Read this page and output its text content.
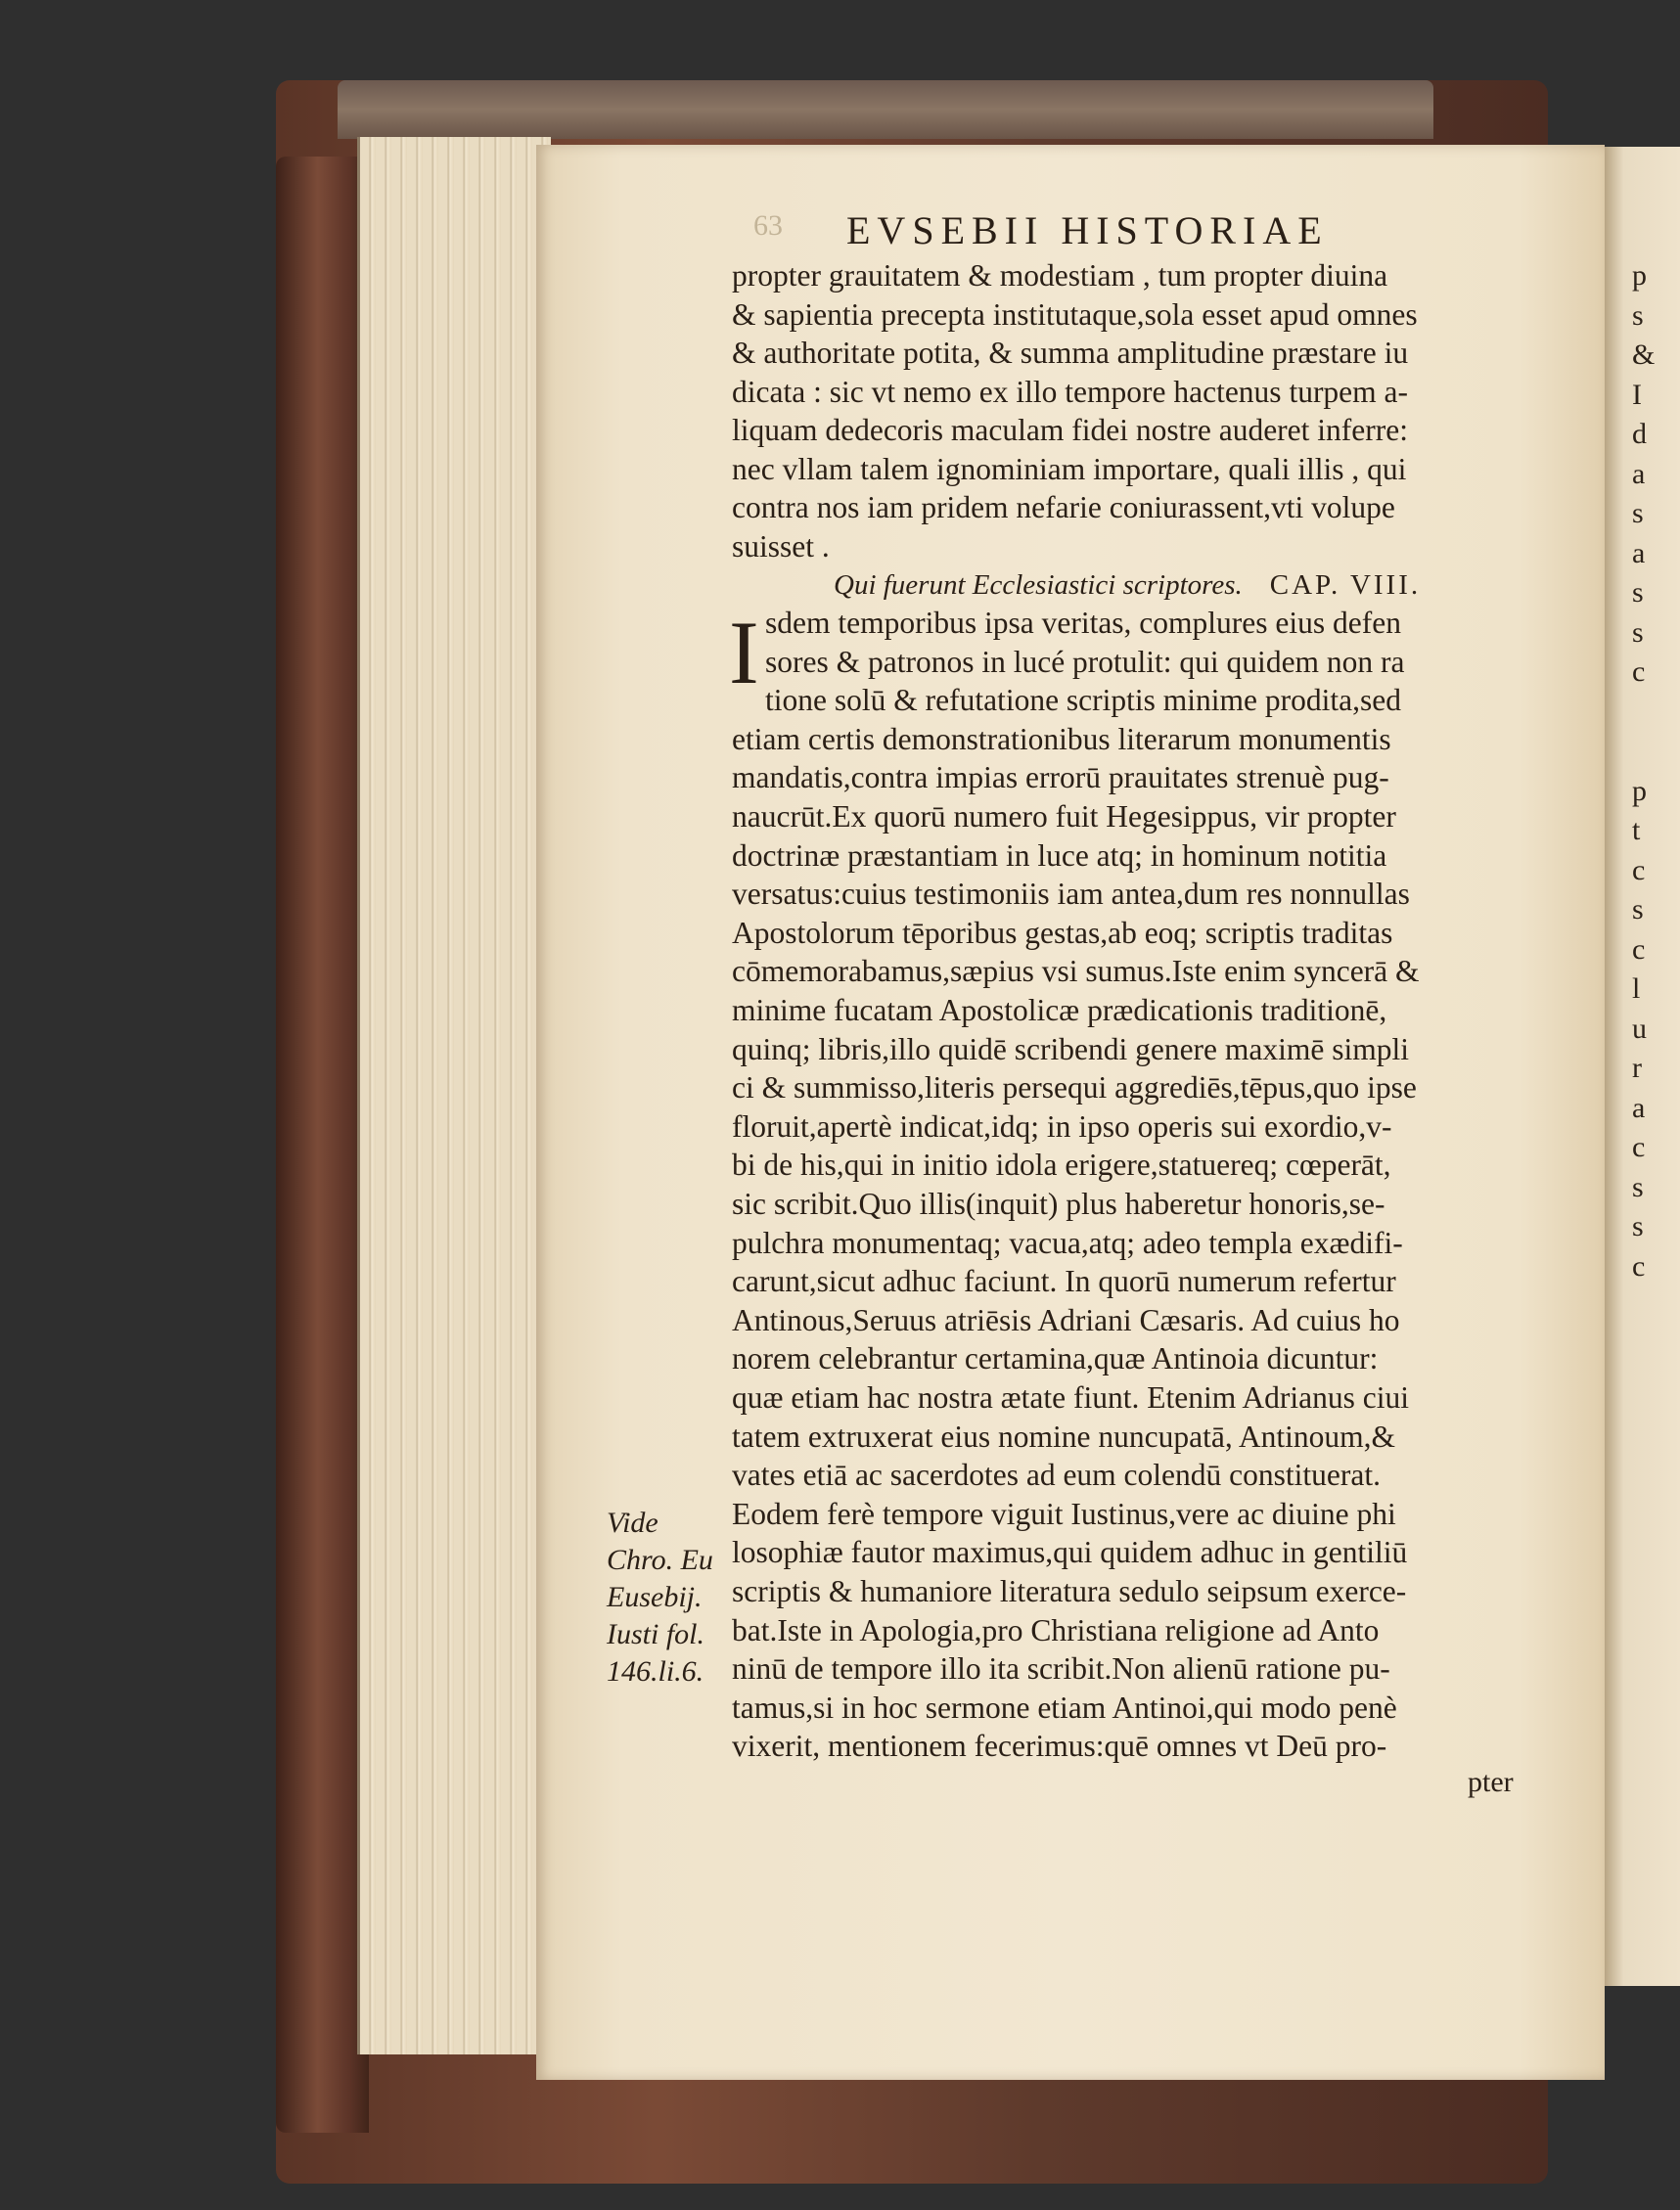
p
s
&
I
d
a
s
a
s
s
c

p
t
c
s
c
l
u
r
a
c
s
s
c
63 EVSEBII HISTORIAE
propter grauitatem & modestiam , tum propter diuina
& sapientia precepta institutaque,sola esset apud omnes
& authoritate potita, & summa amplitudine præstare iu
dicata : sic vt nemo ex illo tempore hactenus turpem a-
liquam dedecoris maculam fidei nostre auderet inferre:
nec vllam talem ignominiam importare, quali illis , qui
contra nos iam pridem nefarie coniurassent,vti volupe
suisset .
Qui fuerunt Ecclesiastici scriptores. CAP. VIII.
I sdem temporibus ipsa veritas, complures eius defen
sores & patronos in lucé protulit: qui quidem non ra
tione solū & refutatione scriptis minime prodita,sed
etiam certis demonstrationibus literarum monumentis
mandatis,contra impias errorū prauitates strenuè pug-
naucrūt.Ex quorū numero fuit Hegesippus, vir propter
doctrinæ præstantiam in luce atq; in hominum notitia
versatus:cuius testimoniis iam antea,dum res nonnullas
Apostolorum tēporibus gestas,ab eoq; scriptis traditas
cōmemorabamus,sæpius vsi sumus.Iste enim syncerā &
minime fucatam Apostolicæ prædicationis traditionē,
quinq; libris,illo quidē scribendi genere maximē simpli
ci & summisso,literis persequi aggrediēs,tēpus,quo ipse
floruit,apertè indicat,idq; in ipso operis sui exordio,v-
bi de his,qui in initio idola erigere,statuereq; cœperāt,
sic scribit.Quo illis(inquit) plus haberetur honoris,se-
pulchra monumentaq; vacua,atq; adeo templa exædifi-
carunt,sicut adhuc faciunt. In quorū numerum refertur
Antinous,Seruus atriēsis Adriani Cæsaris. Ad cuius ho
norem celebrantur certamina,quæ Antinoia dicuntur:
quæ etiam hac nostra ætate fiunt. Etenim Adrianus ciui
tatem extruxerat eius nomine nuncupatā, Antinoum,&
vates etiā ac sacerdotes ad eum colendū constituerat.
Eodem ferè tempore viguit Iustinus,vere ac diuine phi
losophiæ fautor maximus,qui quidem adhuc in gentiliū
scriptis & humaniore literatura sedulo seipsum exerce-
bat.Iste in Apologia,pro Christiana religione ad Anto
ninū de tempore illo ita scribit.Non alienū ratione pu-
tamus,si in hoc sermone etiam Antinoi,qui modo penè
vixerit, mentionem fecerimus:quē omnes vt Deū pro-
Vide
Chro. Eu
Eusebij.
Iusti fol.
146.li.6.
pter
